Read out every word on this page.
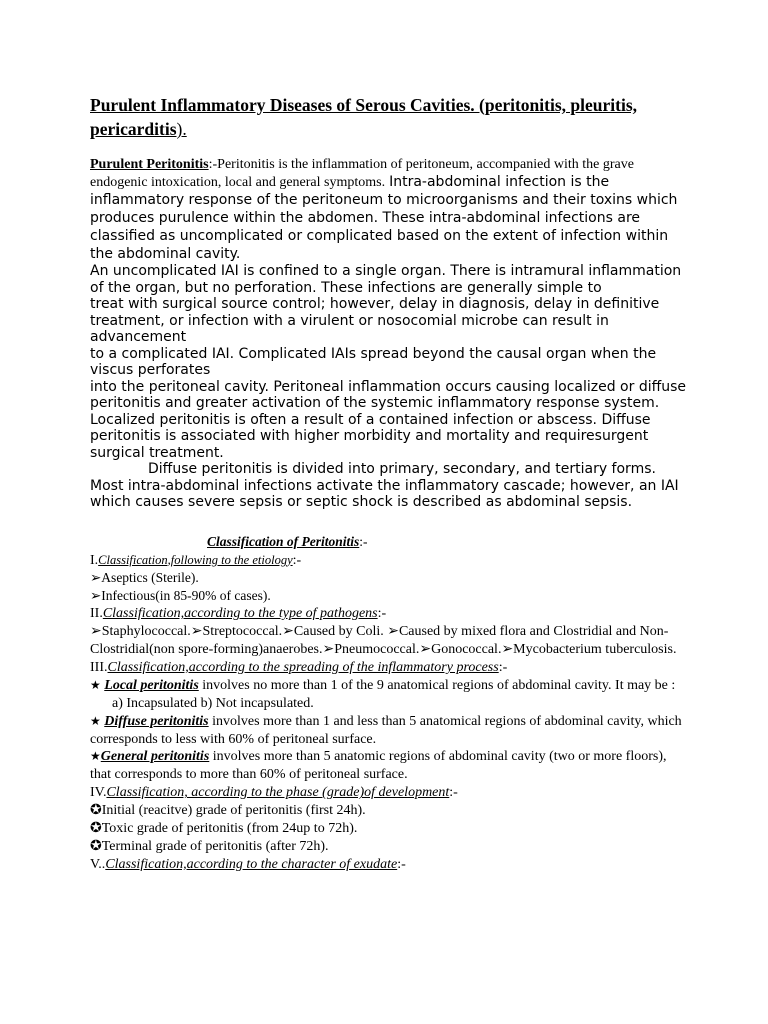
Purulent Inflammatory Diseases of Serous Cavities. (peritonitis, pleuritis, pericarditis).

Purulent Peritonitis:-Peritonitis is the inflammation of peritoneum, accompanied with the grave endogenic intoxication, local and general symptoms. Intra-abdominal infection is the inflammatory response of the peritoneum to microorganisms and their toxins which produces purulence within the abdomen. These intra-abdominal infections are classified as uncomplicated or complicated based on the extent of infection within the abdominal cavity.

An uncomplicated IAI is confined to a single organ. There is intramural inflammation of the organ, but no perforation. These infections are generally simple to

treat with surgical source control; however, delay in diagnosis, delay in definitive treatment, or infection with a virulent or nosocomial microbe can result in advancement

to a complicated IAI. Complicated IAIs spread beyond the causal organ when the viscus perforates

into the peritoneal cavity. Peritoneal inflammation occurs causing localized or diffuse

peritonitis and greater activation of the systemic inflammatory response system. Localized peritonitis is often a result of a contained infection or abscess. Diffuse peritonitis is associated with higher morbidity and mortality and requiresurgent surgical treatment.

Diffuse peritonitis is divided into primary, secondary, and tertiary forms. Most intra-abdominal infections activate the inflammatory cascade; however, an IAI which causes severe sepsis or septic shock is described as abdominal sepsis.

Classification of Peritonitis:-
I.Classification,following to the etiology:-
➢Aseptics (Sterile).
➢Infectious(in 85-90% of cases).
II.Classification,according to the type of pathogens:-
➢Staphylococcal.➢Streptococcal.➢Caused by Coli. ➢Caused by mixed flora and Clostridial and Non-Clostridial(non spore-forming)anaerobes.➢Pneumococcal.➢Gonococcal.➢Mycobacterium tuberculosis.
III.Classification,according to the spreading of the inflammatory process:-
★ Local peritonitis involves no more than 1 of the 9 anatomical regions of abdominal cavity. It may be :
a) Incapsulated b) Not incapsulated.
★ Diffuse peritonitis involves more than 1 and less than 5 anatomical regions of abdominal cavity, which corresponds to less with 60% of peritoneal surface.
★General peritonitis involves more than 5 anatomic regions of abdominal cavity (two or more floors), that corresponds to more than 60% of peritoneal surface.
IV.Classification, according to the phase (grade)of development:-
✪Initial (reacitve) grade of peritonitis (first 24h).
✪Toxic grade of peritonitis (from 24up to 72h).
✪Terminal grade of peritonitis (after 72h).
V..Classification,according to the character of exudate:-
